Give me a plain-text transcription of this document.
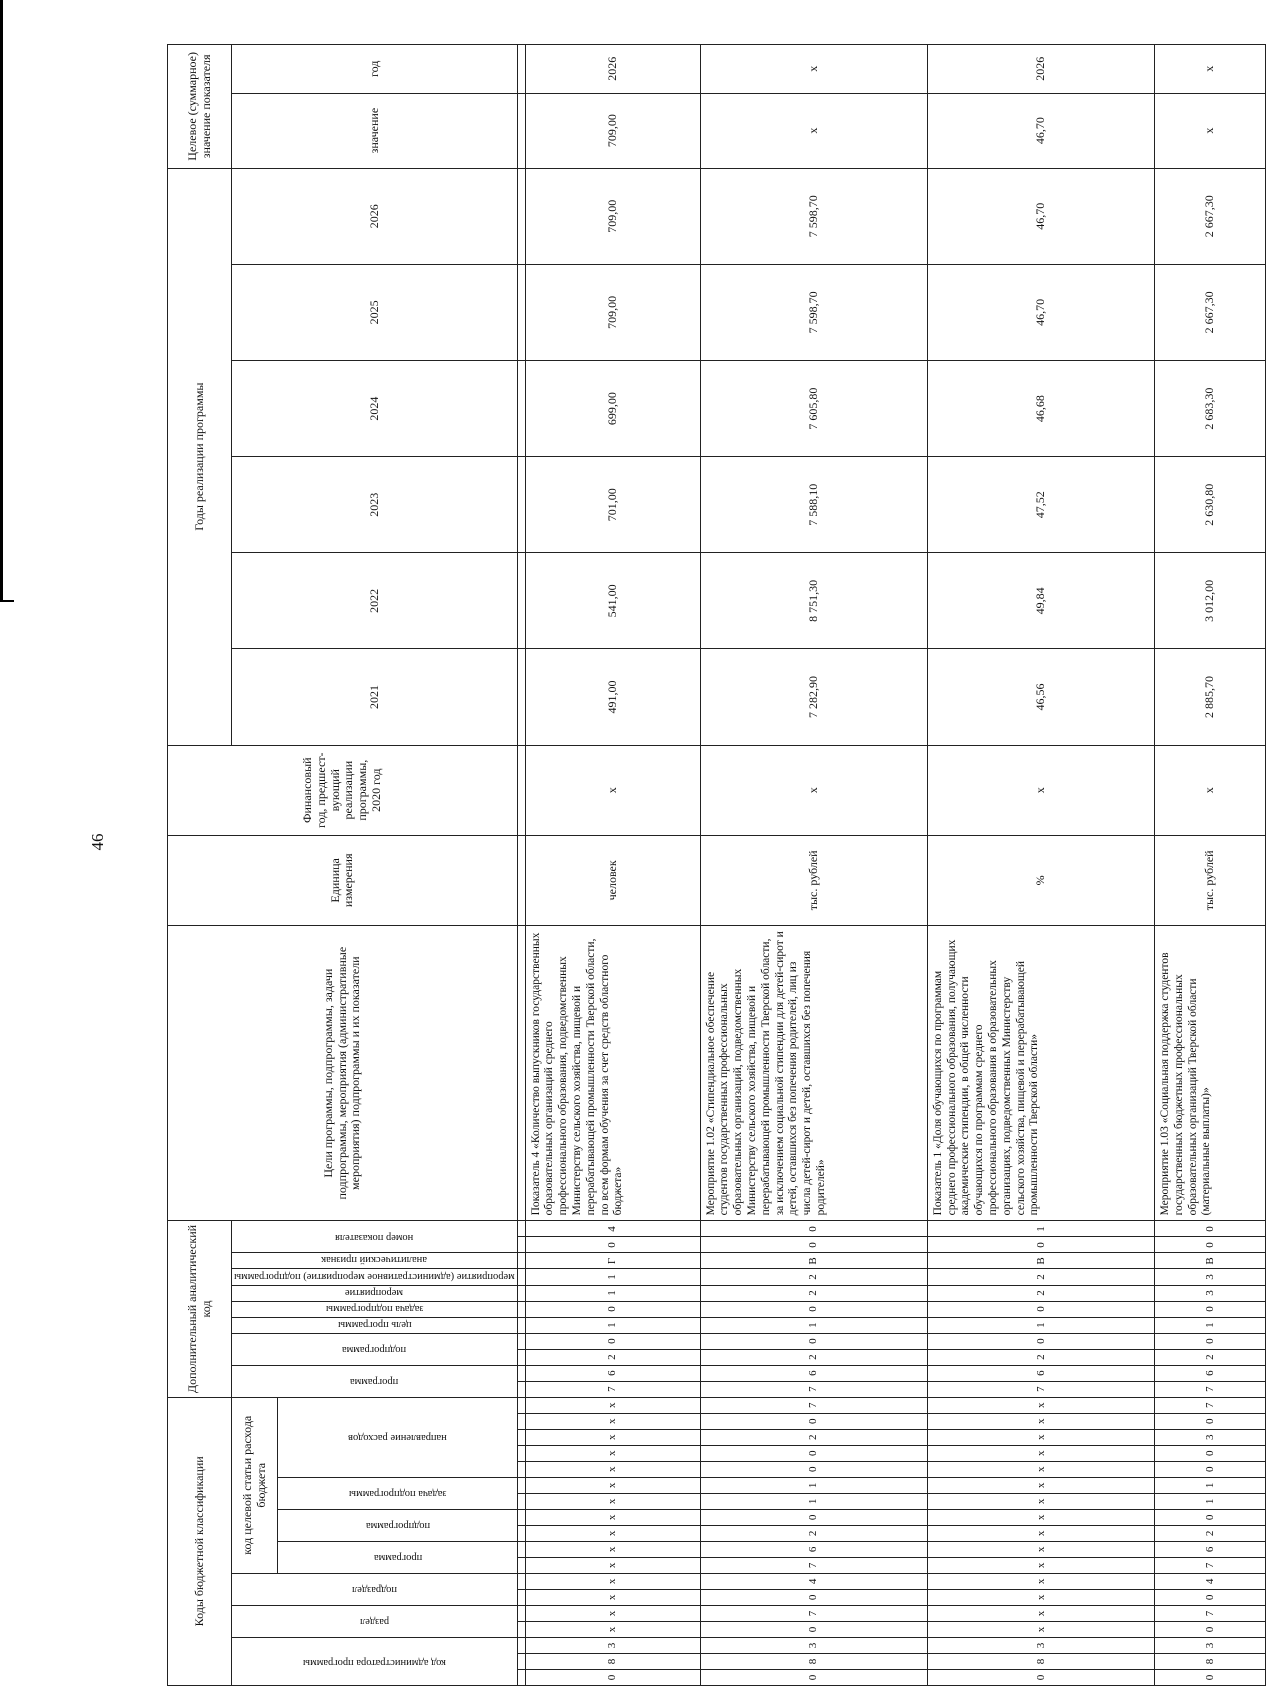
46
Коды бюджетной классификации																		Дополнительный аналитический код											Цели программы, подпрограммы, задачи подпрограммы, мероприятия (административные мероприятия) подпрограммы и их показатели	Единица измерения	Финансовый год, предшест-вующий реализации программы, 2020 год	Годы реализации программы						Целевое (суммарное) значение показателя	

код администратора программы			раздел		подраздел		код целевой статьи расхода бюджета											программа		подпрограмма		цель программы	задача подпрограммы	мероприятие	мероприятие (административное мероприятие) подпрограммы	аналитический признак	номер показателя					2021	2022	2023	2024	2025	2026	значение	год

							программа		подпрограмма		задача подпрограммы		направление расходов																										

0	8	3	х	х	х	х	х	х	х	х	х	х	х	х	х	х	х	7	6	2	0	1	0	1	1	Г	0	4	Показатель 4 «Количество выпускников государственных образовательных организаций среднего профессионального образования, подведомственных Министерству сельского хозяйства, пищевой и перерабатывающей промышленности Тверской области, по всем формам обучения за счет средств областного бюджета»	человек	х	491,00	541,00	701,00	699,00	709,00	709,00	709,00	2026
0	8	3	0	7	0	4	7	6	2	0	1	1	0	0	2	0	7	7	6	2	0	1	0	2	2	В	0	0	Мероприятие 1.02 «Стипендиальное обеспечение студентов государственных профессиональных образовательных организаций, подведомственных Министерству сельского хозяйства, пищевой и перерабатывающей промышленности Тверской области, за исключением социальной стипендии для детей-сирот и детей, оставшихся без попечения родителей, лиц из числа детей-сирот и детей, оставшихся без попечения родителей»	тыс. рублей	х	7 282,90	8 751,30	7 588,10	7 605,80	7 598,70	7 598,70	х	х
0	8	3	х	х	х	х	х	х	х	х	х	х	х	х	х	х	х	7	6	2	0	1	0	2	2	В	0	1	Показатель 1 «Доля обучающихся по программам среднего профессионального образования, получающих академические стипендии, в общей численности обучающихся по программам среднего профессионального образования в образовательных организациях, подведомственных Министерству сельского хозяйства, пищевой и перерабатывающей промышленности Тверской области»	%	х	46,56	49,84	47,52	46,68	46,70	46,70	46,70	2026
0	8	3	0	7	0	4	7	6	2	0	1	1	0	0	3	0	7	7	6	2	0	1	0	3	3	В	0	0	Мероприятие 1.03 «Социальная поддержка студентов государственных бюджетных профессиональных образовательных организаций Тверской области (материальные выплаты)»	тыс. рублей	х	2 885,70	3 012,00	2 630,80	2 683,30	2 667,30	2 667,30	х	х
